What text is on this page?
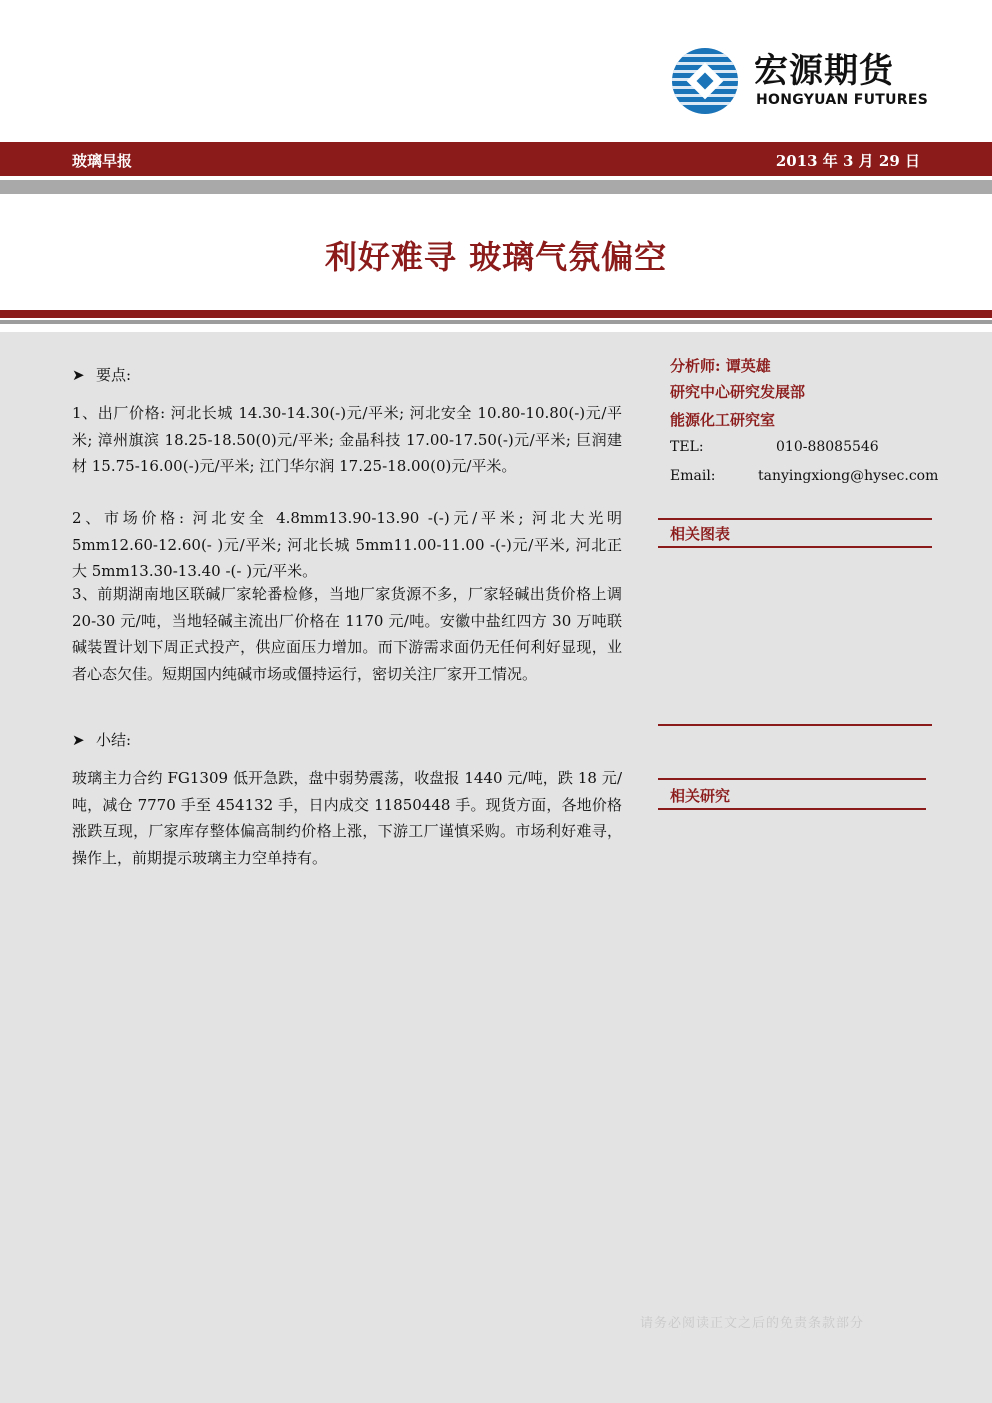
宏源期货
HONGYUAN FUTURES
玻璃早报	2013 年 3 月 29 日
利好难寻 玻璃气氛偏空
➤ 要点:
1、出厂价格: 河北长城 14.30-14.30(-)元/平米; 河北安全 10.80-10.80(-)元/平米; 漳州旗滨 18.25-18.50(0)元/平米; 金晶科技 17.00-17.50(-)元/平米; 巨润建材 15.75-16.00(-)元/平米; 江门华尔润 17.25-18.00(0)元/平米。
2、市场价格: 河北安全 4.8mm13.90-13.90 -(-)元/平米; 河北大光明 5mm12.60-12.60(- )元/平米; 河北长城 5mm11.00-11.00 -(-)元/平米, 河北正大 5mm13.30-13.40 -(- )元/平米。
3、前期湖南地区联碱厂家轮番检修，当地厂家货源不多，厂家轻碱出货价格上调 20-30 元/吨，当地轻碱主流出厂价格在 1170 元/吨。安徽中盐红四方 30 万吨联碱装置计划下周正式投产，供应面压力增加。而下游需求面仍无任何利好显现，业者心态欠佳。短期国内纯碱市场或僵持运行，密切关注厂家开工情况。
➤ 小结:
玻璃主力合约 FG1309 低开急跌，盘中弱势震荡，收盘报 1440 元/吨，跌 18 元/吨，减仓 7770 手至 454132 手，日内成交 11850448 手。现货方面，各地价格涨跌互现，厂家库存整体偏高制约价格上涨，下游工厂谨慎采购。市场利好难寻，操作上，前期提示玻璃主力空单持有。
分析师: 谭英雄
研究中心研究发展部
能源化工研究室
TEL:	010-88085546
Email:	tanyingxiong@hysec.com
相关图表
相关研究
请务必阅读正文之后的免责条款部分
